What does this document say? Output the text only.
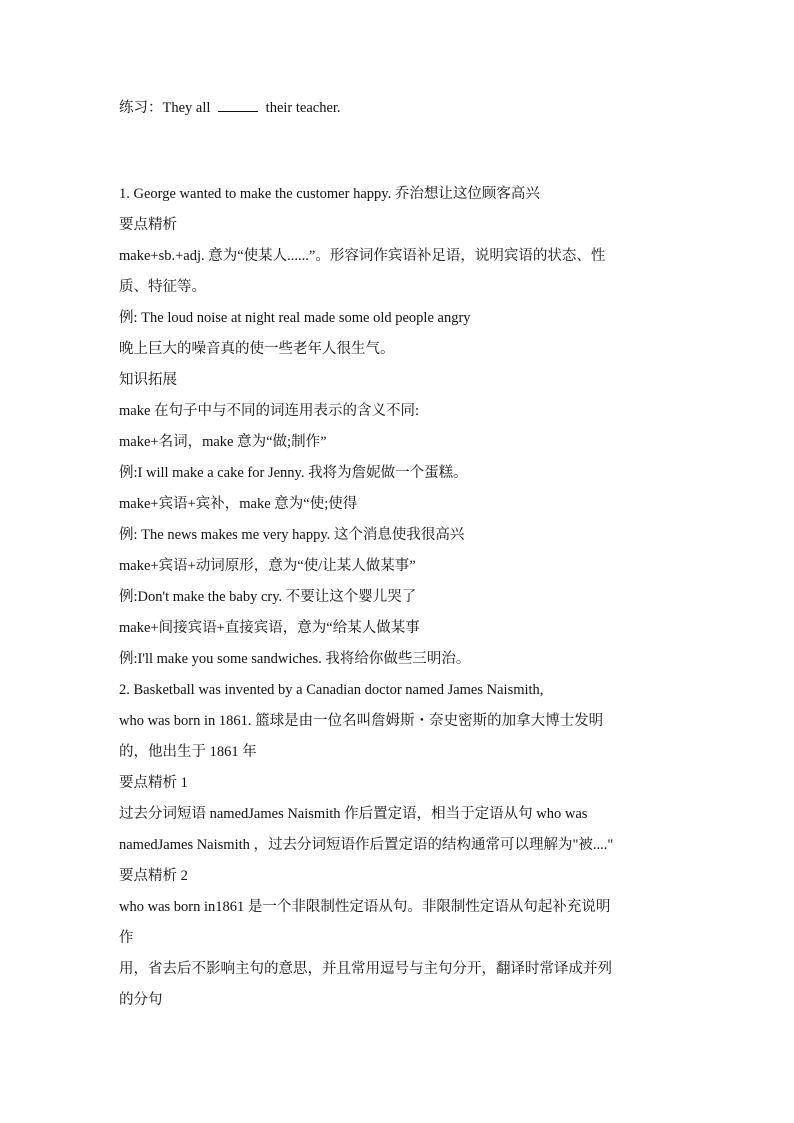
练习：They all	their teacher.
1. George wanted to make the customer happy. 乔治想让这位顾客高兴
要点精析
make+sb.+adj. 意为“使某人......”。形容词作宾语补足语，说明宾语的状态、性
质、特征等。
例: The loud noise at night real made some old people angry
晚上巨大的噪音真的使一些老年人很生气。
知识拓展
make 在句子中与不同的词连用表示的含义不同:
make+名词，make 意为“做;制作”
例:I will make a cake for Jenny. 我将为詹妮做一个蛋糕。
make+宾语+宾补，make 意为“使;使得
例: The news makes me very happy. 这个消息使我很高兴
make+宾语+动词原形，意为“使/让某人做某事”
例:Don't make the baby cry. 不要让这个婴儿哭了
make+间接宾语+直接宾语，意为“给某人做某事
例:I'll make you some sandwiches. 我将给你做些三明治。
2. Basketball was invented by a Canadian doctor named James Naismith,
who was born in 1861. 篮球是由一位名叫詹姆斯・奈史密斯的加拿大博士发明
的，他出生于 1861 年
要点精析 1
过去分词短语 namedJames Naismith 作后置定语，相当于定语从句 who was
namedJames Naismith ，过去分词短语作后置定语的结构通常可以理解为"被...."
要点精析 2
who was born in1861 是一个非限制性定语从句。非限制性定语从句起补充说明
作
用，省去后不影响主句的意思，并且常用逗号与主句分开，翻译时常译成并列
的分句
